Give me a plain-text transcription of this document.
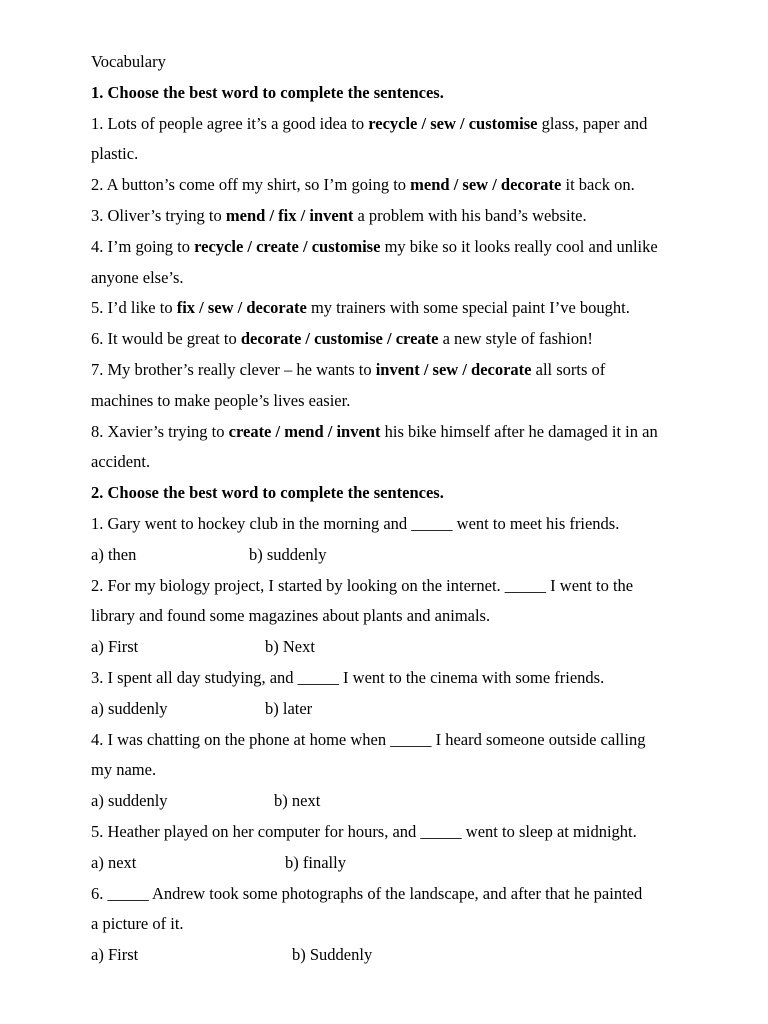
Vocabulary
1. Choose the best word to complete the sentences.
1. Lots of people agree it’s a good idea to recycle / sew / customise glass, paper and
plastic.
2. A button’s come off my shirt, so I’m going to mend / sew / decorate it back on.
3. Oliver’s trying to mend / fix / invent a problem with his band’s website.
4. I’m going to recycle / create / customise my bike so it looks really cool and unlike
anyone else’s.
5. I’d like to fix / sew / decorate my trainers with some special paint I’ve bought.
6. It would be great to decorate / customise / create a new style of fashion!
7. My brother’s really clever – he wants to invent / sew / decorate all sorts of
machines to make people’s lives easier.
8. Xavier’s trying to create / mend / invent his bike himself after he damaged it in an
accident.
2. Choose the best word to complete the sentences.
1. Gary went to hockey club in the morning and _____ went to meet his friends.
a) then	b) suddenly
2. For my biology project, I started by looking on the internet. _____ I went to the
library and found some magazines about plants and animals.
a) First	b) Next
3. I spent all day studying, and _____ I went to the cinema with some friends.
a) suddenly	b) later
4. I was chatting on the phone at home when _____ I heard someone outside calling
my name.
a) suddenly	b) next
5. Heather played on her computer for hours, and _____ went to sleep at midnight.
a) next	b) finally
6. _____ Andrew took some photographs of the landscape, and after that he painted
a picture of it.
a) First	b) Suddenly
